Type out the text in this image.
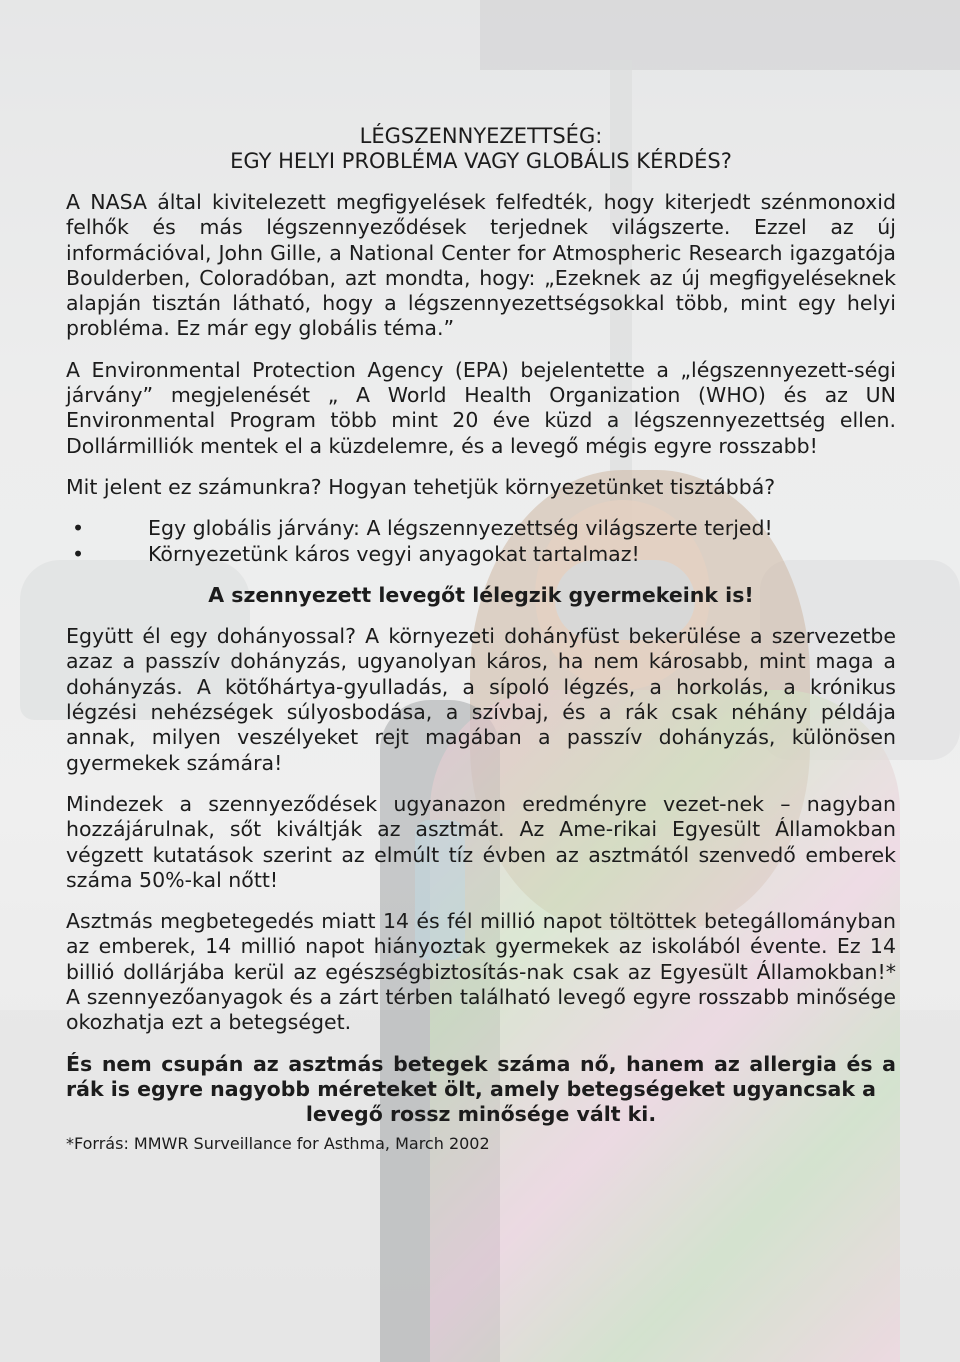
LÉGSZENNYEZETTSÉG:
EGY HELYI PROBLÉMA VAGY GLOBÁLIS KÉRDÉS?

A NASA által kivitelezett megfigyelések felfedték, hogy kiterjedt szénmonoxid felhők és más légszennyeződések terjednek világszerte. Ezzel az új információval, John Gille, a National Center for Atmospheric Research igazgatója Boulderben, Coloradóban, azt mondta, hogy: „Ezeknek az új megfigyeléseknek alapján tisztán látható, hogy a légszennyezettségsokkal több, mint egy helyi probléma. Ez már egy globális téma.”

A Environmental Protection Agency (EPA) bejelentette a „légszennyezett-ségi járvány” megjelenését „ A World Health Organization (WHO) és az UN Environmental Program több mint 20 éve küzd a légszennyezettség ellen. Dollármilliók mentek el a küzdelemre, és a levegő mégis egyre rosszabb!

Mit jelent ez számunkra? Hogyan tehetjük környezetünket tisztábbá?

•	Egy globális járvány: A légszennyezettség világszerte terjed!
•	Környezetünk káros vegyi anyagokat tartalmaz!

A szennyezett levegőt lélegzik gyermekeink is!

Együtt él egy dohányossal? A környezeti dohányfüst bekerülése a szervezetbe azaz a passzív dohányzás, ugyanolyan káros, ha nem károsabb, mint maga a dohányzás. A kötőhártya-gyulladás, a sípoló légzés, a horkolás, a krónikus légzési nehézségek súlyosbodása, a szívbaj, és a rák csak néhány példája annak, milyen veszélyeket rejt magában a passzív dohányzás, különösen gyermekek számára!

Mindezek a szennyeződések ugyanazon eredményre vezet-nek – nagyban hozzájárulnak, sőt kiváltják az asztmát. Az Ame-rikai Egyesült Államokban végzett kutatások szerint az elmúlt tíz évben az asztmától szenvedő emberek száma 50%-kal nőtt!

Asztmás megbetegedés miatt 14 és fél millió napot töltöttek betegállományban az emberek, 14 millió napot hiányoztak gyermekek az iskolából évente. Ez 14 billió dollárjába kerül az egészségbiztosítás-nak csak az Egyesült Államokban!* A szennyezőanyagok és a zárt térben található levegő egyre rosszabb minősége okozhatja ezt a betegséget.

És nem csupán az asztmás betegek száma nő, hanem az allergia és a rák is egyre nagyobb méreteket ölt, amely betegségeket ugyancsak a
levegő rossz minősége vált ki.

*Forrás: MMWR Surveillance for Asthma, March 2002
